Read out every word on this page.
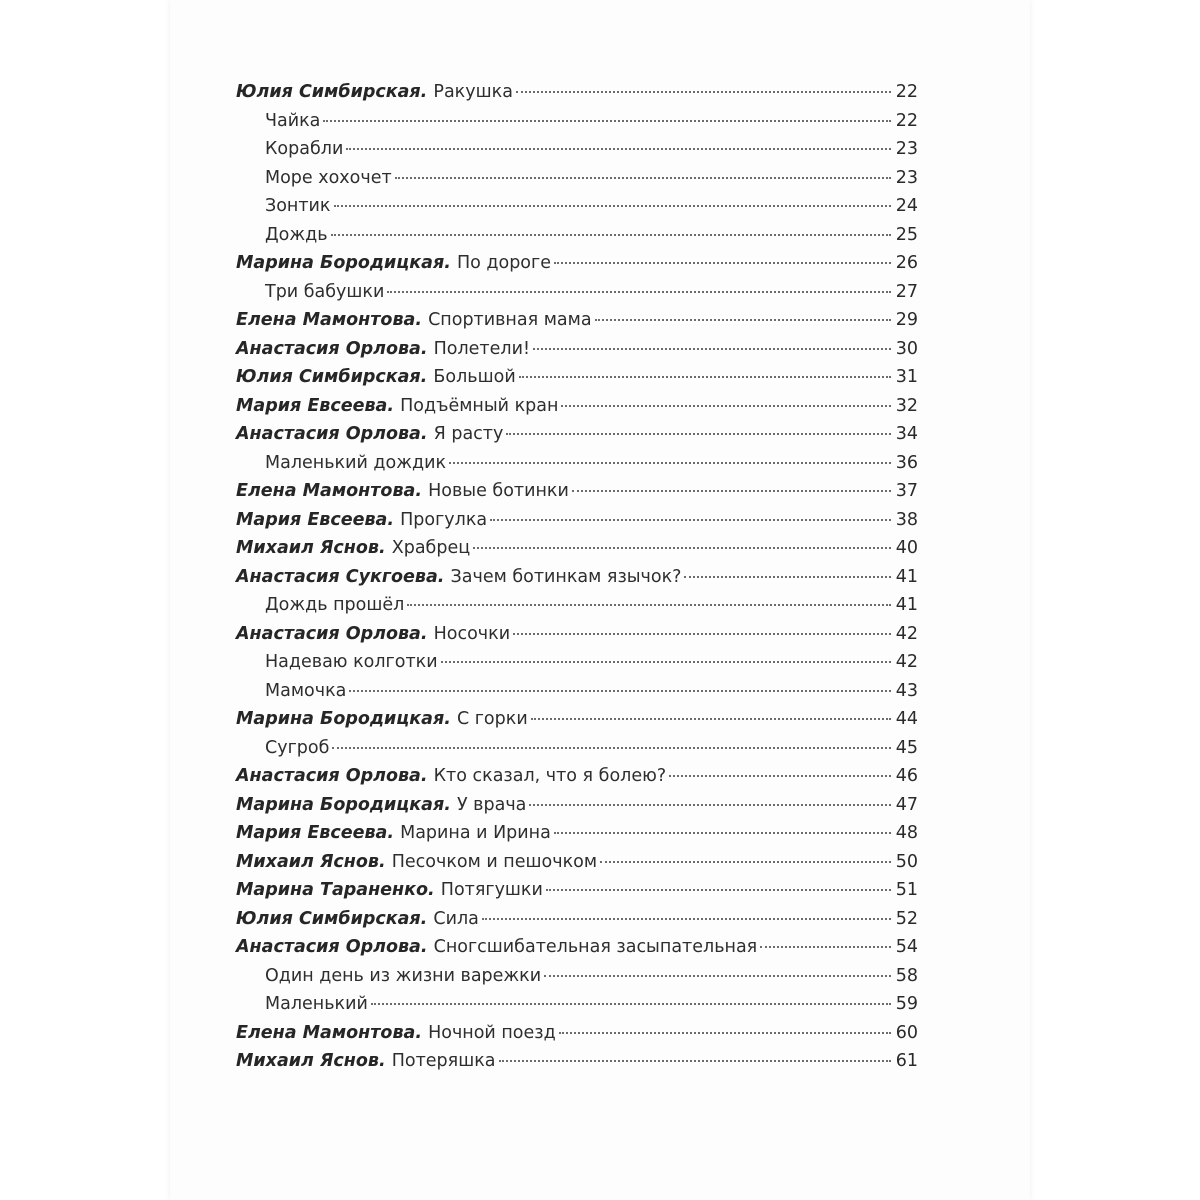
Юлия Симбирская. Ракушка	22
Чайка	22
Корабли	23
Море хохочет	23
Зонтик	24
Дождь	25
Марина Бородицкая. По дороге	26
Три бабушки	27
Елена Мамонтова. Спортивная мама	29
Анастасия Орлова. Полетели!	30
Юлия Симбирская. Большой	31
Мария Евсеева. Подъёмный кран	32
Анастасия Орлова. Я расту	34
Маленький дождик	36
Елена Мамонтова. Новые ботинки	37
Мария Евсеева. Прогулка	38
Михаил Яснов. Храбрец	40
Анастасия Сукгоева. Зачем ботинкам язычок?	41
Дождь прошёл	41
Анастасия Орлова. Носочки	42
Надеваю колготки	42
Мамочка	43
Марина Бородицкая. С горки	44
Сугроб	45
Анастасия Орлова. Кто сказал, что я болею?	46
Марина Бородицкая. У врача	47
Мария Евсеева. Марина и Ирина	48
Михаил Яснов. Песочком и пешочком	50
Марина Тараненко. Потягушки	51
Юлия Симбирская. Сила	52
Анастасия Орлова. Сногсшибательная засыпательная	54
Один день из жизни варежки	58
Маленький	59
Елена Мамонтова. Ночной поезд	60
Михаил Яснов. Потеряшка	61
